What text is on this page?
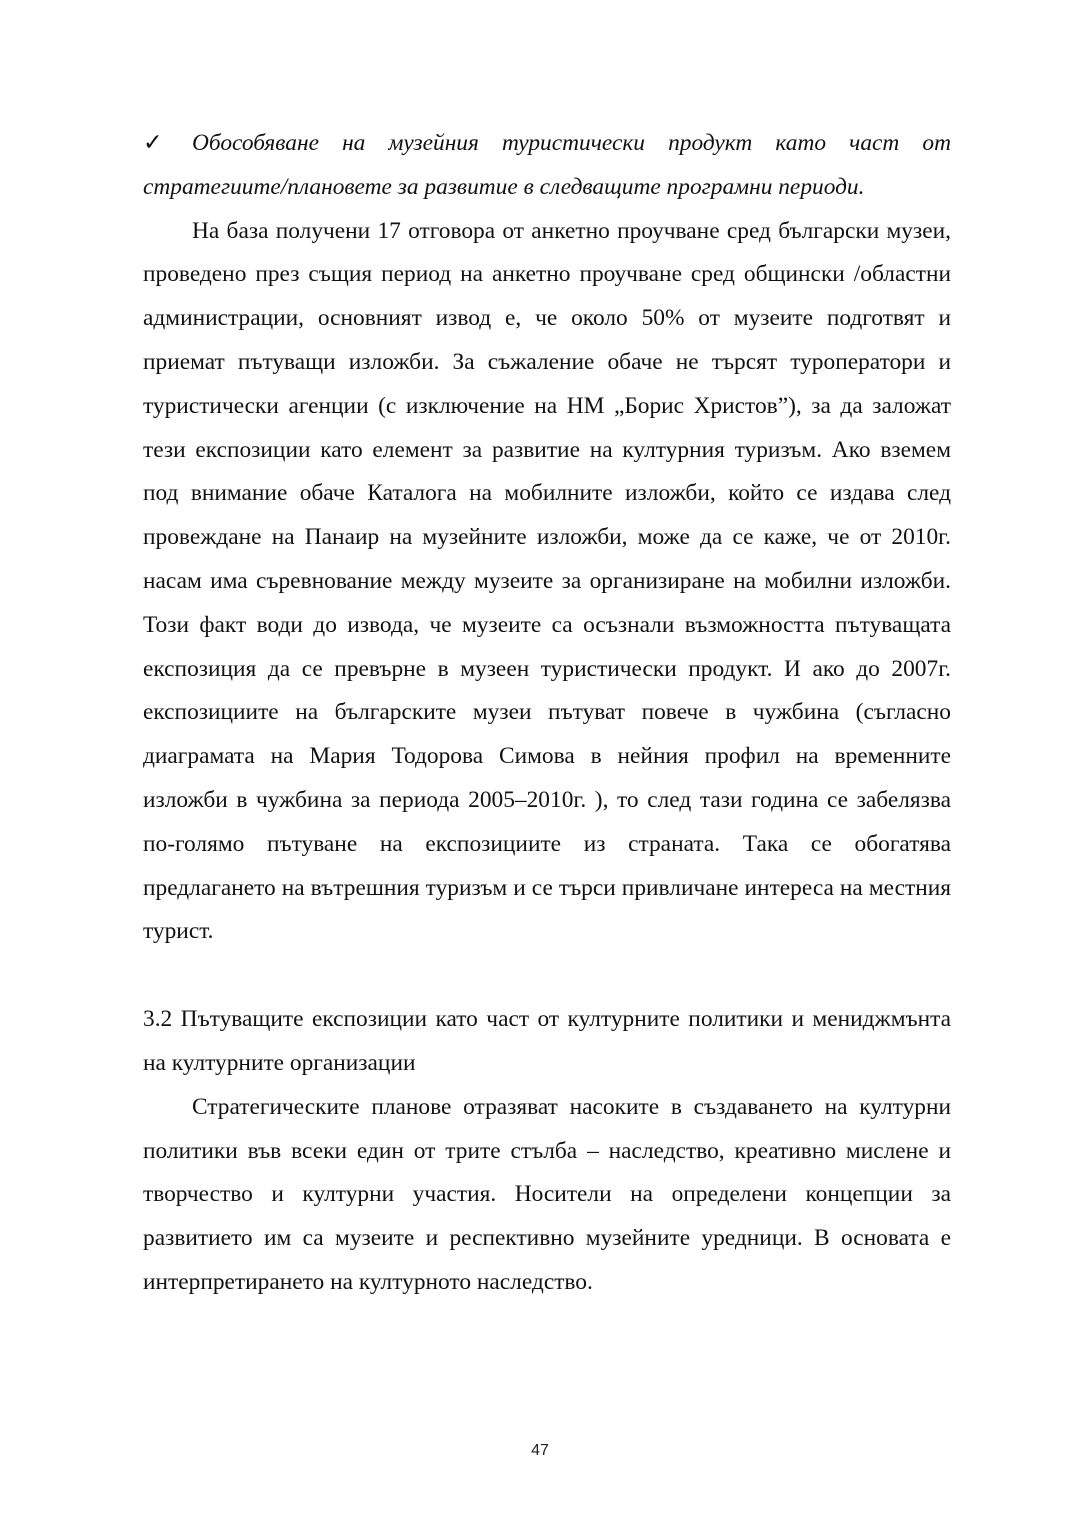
✓ Обособяване на музейния туристически продукт като част от стратегиите/плановете за развитие в следващите програмни периоди.

На база получени 17 отговора от анкетно проучване сред български музеи, проведено през същия период на анкетно проучване сред общински /областни администрации, основният извод е, че около 50% от музеите подготвят и приемат пътуващи изложби. За съжаление обаче не търсят туроператори и туристически агенции (с изключение на НМ „Борис Христов”), за да заложат тези експозиции като елемент за развитие на културния туризъм. Ако вземем под внимание обаче Каталога на мобилните изложби, който се издава след провеждане на Панаир на музейните изложби, може да се каже, че от 2010г. насам има съревнование между музеите за организиране на мобилни изложби. Този факт води до извода, че музеите са осъзнали възможността пътуващата експозиция да се превърне в музеен туристически продукт. И ако до 2007г. експозициите на българските музеи пътуват повече в чужбина (съгласно диаграмата на Мария Тодорова Симова в нейния профил на временните изложби в чужбина за периода 2005–2010г. ), то след тази година се забелязва по-голямо пътуване на експозициите из страната. Така се обогатява предлагането на вътрешния туризъм и се търси привличане интереса на местния турист.

3.2 Пътуващите експозиции като част от културните политики и мениджмънта на културните организации

Стратегическите планове отразяват насоките в създаването на културни политики във всеки един от трите стълба – наследство, креативно мислене и творчество и културни участия. Носители на определени концепции за развитието им са музеите и респективно музейните уредници. В основата е интерпретирането на културното наследство.

47
